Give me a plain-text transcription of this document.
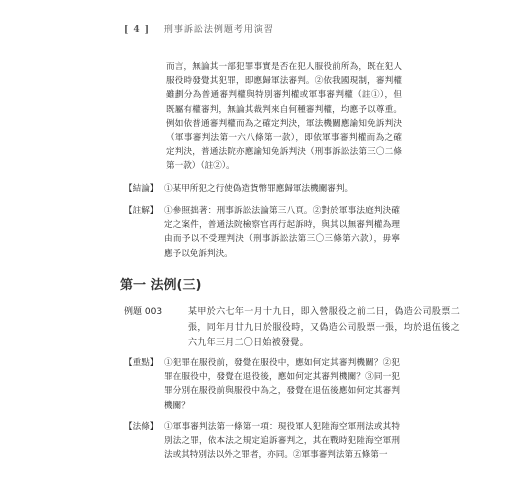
[ 4 ] 刑事訴訟法例題考用演習
而言，無論其一部犯罪事實是否在犯人服役前所為，既在犯人服役時發覺其犯罪，即應歸軍法審判。②依我國現制，審判權雖劃分為普通審判權與特別審判權或軍事審判權（註①），但既屬有權審判，無論其裁判來自何種審判權，均應予以尊重。例如依普通審判權而為之確定判決，軍法機關應諭知免訴判決（軍事審判法第一六八條第一款），即依軍事審判權而為之確定判決，普通法院亦應諭知免訴判決（刑事訴訟法第三〇二條第一款）（註②）。
【結論】 ①某甲所犯之行使偽造貨幣罪應歸軍法機關審判。
【註解】 ①參照拙著：刑事訴訟法論第三八頁。②對於軍事法庭判決確定之案件，普通法院檢察官再行起訴時，與其以無審判權為理由而予以不受理判決（刑事訴訟法第三〇三條第六款），毋寧應予以免訴判決。
第一 法例(三)
例題 003	某甲於六七年一月十九日，即入營服役之前二日，偽造公司股票二張，同年月廿九日於服役時，又偽造公司股票一張，均於退伍後之六九年三月二〇日始被發覺。
【重點】 ①犯罪在服役前，發覺在服役中，應如何定其審判機關？②犯罪在服役中，發覺在退役後，應如何定其審判機關？③同一犯罪分別在服役前與服役中為之，發覺在退伍後應如何定其審判機關？
【法條】 ①軍事審判法第一條第一項：現役軍人犯陸海空軍刑法或其特別法之罪，依本法之規定追訴審判之，其在戰時犯陸海空軍刑法或其特別法以外之罪者，亦同。②軍事審判法第五條第一
